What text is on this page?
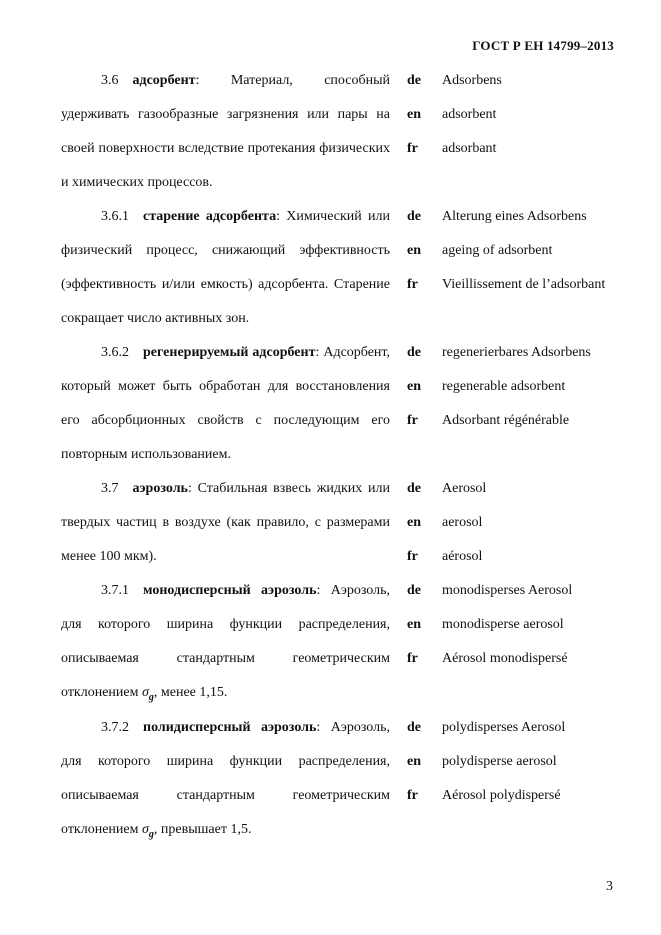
ГОСТ Р ЕН 14799–2013
3.6 адсорбент: Материал, способный удерживать газообразные загрязнения или пары на своей поверхности вследствие протекания физических и химических процессов.
de	Adsorbens
en	adsorbent
fr	adsorbant
3.6.1 старение адсорбента: Химический или физический процесс, снижающий эффективность (эффективность и/или емкость) адсорбента. Старение сокращает число активных зон.
de	Alterung eines Adsorbens
en	ageing of adsorbent
fr	Vieillissement de l’adsorbant
3.6.2 регенерируемый адсорбент: Адсорбент, который может быть обработан для восстановления его абсорбционных свойств с последующим его повторным использованием.
de	regenerierbares Adsorbens
en	regenerable adsorbent
fr	Adsorbant régénérable
3.7 аэрозоль: Стабильная взвесь жидких или твердых частиц в воздухе (как правило, с размерами менее 100 мкм).
de	Aerosol
en	aerosol
fr	aérosol
3.7.1 монодисперсный аэрозоль: Аэрозоль, для которого ширина функции распределения, описываемая стандартным геометрическим отклонением $\sigma_g$, менее 1,15.
de	monodisperses Aerosol
en	monodisperse aerosol
fr	Aérosol monodispersé
3.7.2 полидисперсный аэрозоль: Аэрозоль, для которого ширина функции распределения, описываемая стандартным геометрическим отклонением $\sigma_g$, превышает 1,5.
de	polydisperses Aerosol
en	polydisperse aerosol
fr	Aérosol polydispersé
3
